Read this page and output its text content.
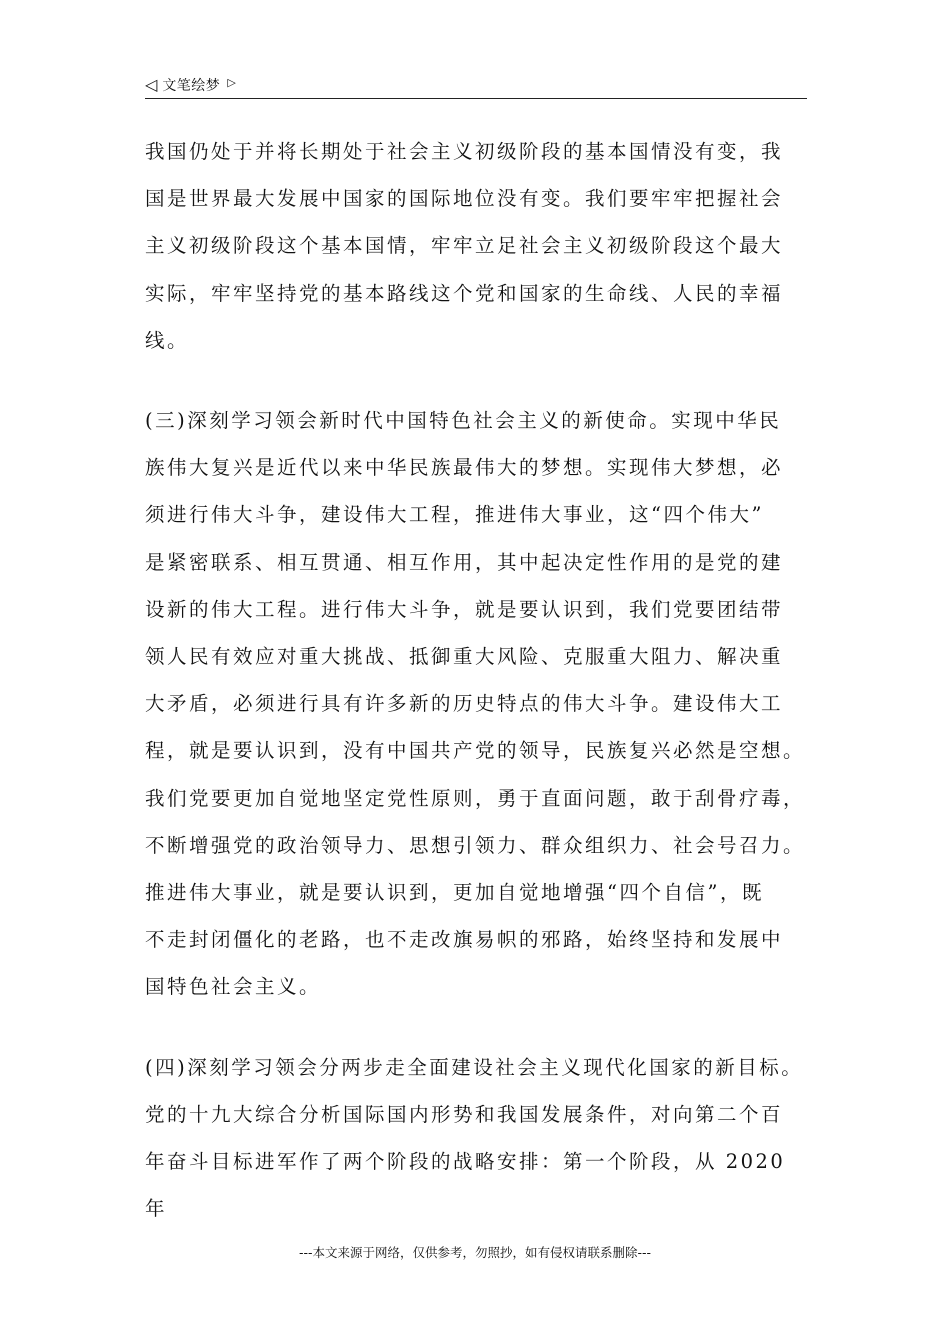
◁ 文笔绘梦 ▷
我国仍处于并将长期处于社会主义初级阶段的基本国情没有变，我
国是世界最大发展中国家的国际地位没有变。我们要牢牢把握社会
主义初级阶段这个基本国情，牢牢立足社会主义初级阶段这个最大
实际，牢牢坚持党的基本路线这个党和国家的生命线、人民的幸福
线。
(三)深刻学习领会新时代中国特色社会主义的新使命。实现中华民
族伟大复兴是近代以来中华民族最伟大的梦想。实现伟大梦想，必
须进行伟大斗争，建设伟大工程，推进伟大事业，这“四个伟大”
是紧密联系、相互贯通、相互作用，其中起决定性作用的是党的建
设新的伟大工程。进行伟大斗争，就是要认识到，我们党要团结带
领人民有效应对重大挑战、抵御重大风险、克服重大阻力、解决重
大矛盾，必须进行具有许多新的历史特点的伟大斗争。建设伟大工
程，就是要认识到，没有中国共产党的领导，民族复兴必然是空想。
我们党要更加自觉地坚定党性原则，勇于直面问题，敢于刮骨疗毒，
不断增强党的政治领导力、思想引领力、群众组织力、社会号召力。
推进伟大事业，就是要认识到，更加自觉地增强“四个自信”，既
不走封闭僵化的老路，也不走改旗易帜的邪路，始终坚持和发展中
国特色社会主义。
(四)深刻学习领会分两步走全面建设社会主义现代化国家的新目标。
党的十九大综合分析国际国内形势和我国发展条件，对向第二个百
年奋斗目标进军作了两个阶段的战略安排：第一个阶段，从 2020 年
---本文来源于网络，仅供参考，勿照抄，如有侵权请联系删除---
